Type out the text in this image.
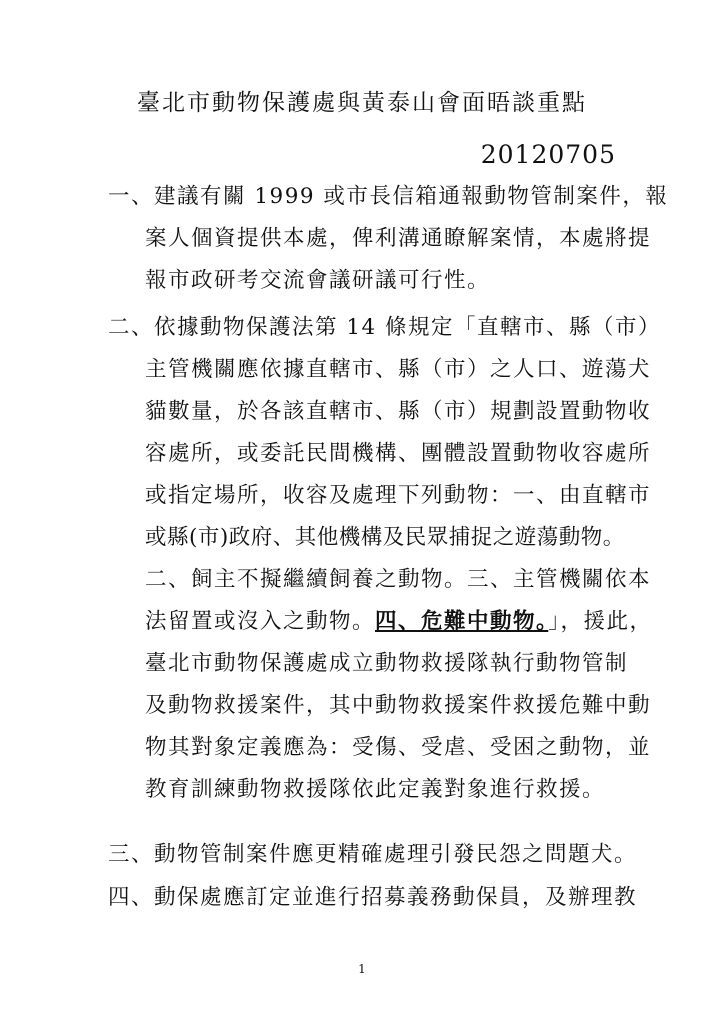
臺北市動物保護處與黃泰山會面晤談重點
20120705
一、建議有關 1999 或市長信箱通報動物管制案件，報
案人個資提供本處，俾利溝通瞭解案情，本處將提
報市政研考交流會議研議可行性。
二、依據動物保護法第 14 條規定「直轄市、縣（市）
主管機關應依據直轄市、縣（市）之人口、遊蕩犬
貓數量，於各該直轄市、縣（市）規劃設置動物收
容處所，或委託民間機構、團體設置動物收容處所
或指定場所，收容及處理下列動物：一、由直轄市
或縣(市)政府、其他機構及民眾捕捉之遊蕩動物。
二、飼主不擬繼續飼養之動物。三、主管機關依本
法留置或沒入之動物。四、危難中動物。」，援此，
臺北市動物保護處成立動物救援隊執行動物管制
及動物救援案件，其中動物救援案件救援危難中動
物其對象定義應為：受傷、受虐、受困之動物，並
教育訓練動物救援隊依此定義對象進行救援。
三、動物管制案件應更精確處理引發民怨之問題犬。
四、動保處應訂定並進行招募義務動保員，及辦理教
1
